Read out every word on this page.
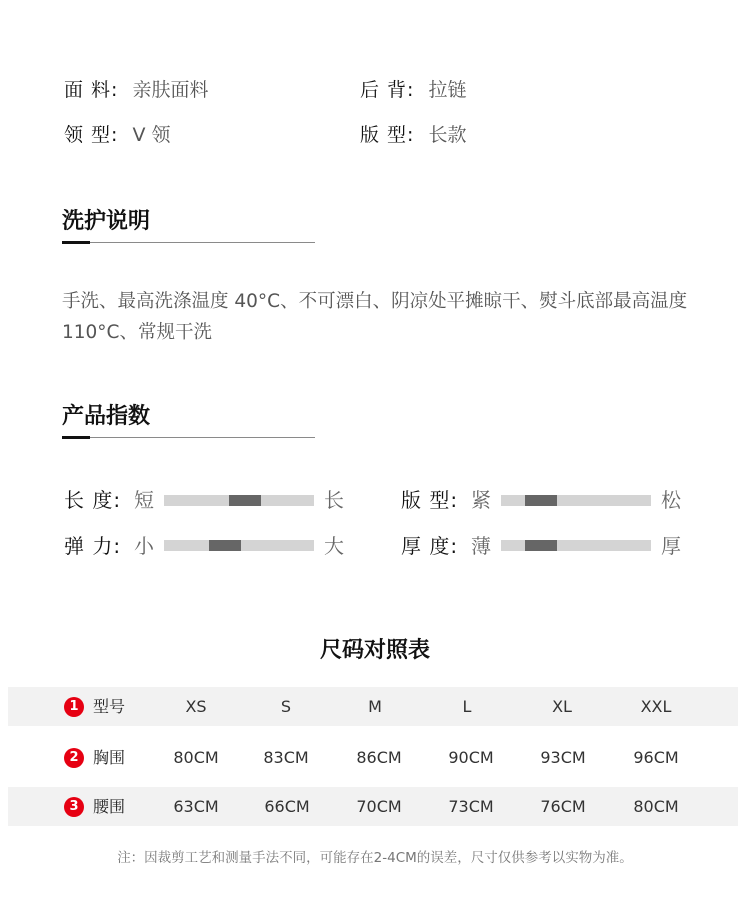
面 料: 亲肤面料	后 背: 拉链
领 型: V 领	版 型: 长款
洗护说明
手洗、最高洗涤温度 40°C、不可漂白、阴凉处平摊晾干、熨斗底部最高温度 110°C、常规干洗
产品指数
长 度: 短	长	版 型: 紧	松
弹 力: 小	大	厚 度: 薄	厚
尺码对照表
1 型号	XS	S	M	L	XL	XXL
2 胸围	80CM	83CM	86CM	90CM	93CM	96CM
3 腰围	63CM	66CM	70CM	73CM	76CM	80CM
注：因裁剪工艺和测量手法不同，可能存在2-4CM的误差，尺寸仅供参考以实物为准。
